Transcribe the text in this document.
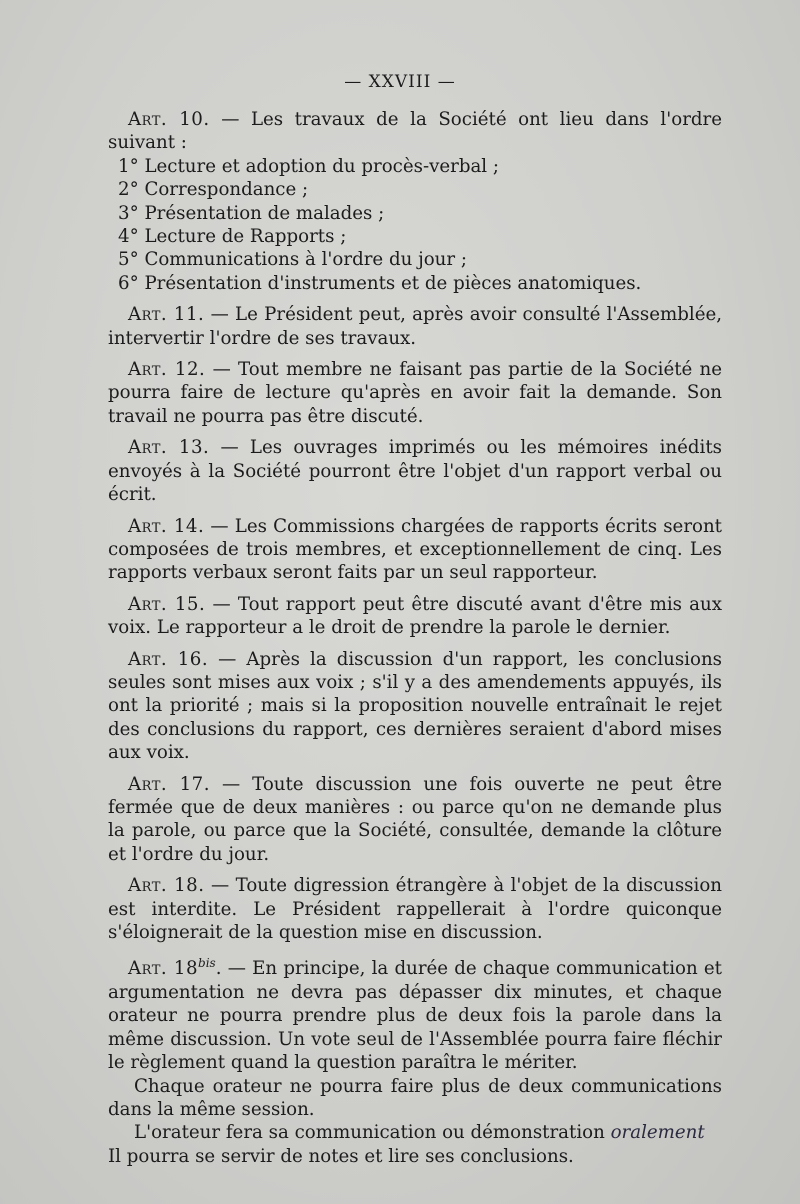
— XXVIII —

Art. 10. — Les travaux de la Société ont lieu dans l'ordre suivant :

1° Lecture et adoption du procès-verbal ;
2° Correspondance ;
3° Présentation de malades ;
4° Lecture de Rapports ;
5° Communications à l'ordre du jour ;
6° Présentation d'instruments et de pièces anatomiques.

Art. 11. — Le Président peut, après avoir consulté l'Assemblée, intervertir l'ordre de ses travaux.

Art. 12. — Tout membre ne faisant pas partie de la Société ne pourra faire de lecture qu'après en avoir fait la demande. Son travail ne pourra pas être discuté.

Art. 13. — Les ouvrages imprimés ou les mémoires inédits envoyés à la Société pourront être l'objet d'un rapport verbal ou écrit.

Art. 14. — Les Commissions chargées de rapports écrits seront composées de trois membres, et exceptionnellement de cinq. Les rapports verbaux seront faits par un seul rapporteur.

Art. 15. — Tout rapport peut être discuté avant d'être mis aux voix. Le rapporteur a le droit de prendre la parole le dernier.

Art. 16. — Après la discussion d'un rapport, les conclusions seules sont mises aux voix ; s'il y a des amendements appuyés, ils ont la priorité ; mais si la proposition nouvelle entraînait le rejet des conclusions du rapport, ces dernières seraient d'abord mises aux voix.

Art. 17. — Toute discussion une fois ouverte ne peut être fermée que de deux manières : ou parce qu'on ne demande plus la parole, ou parce que la Société, consultée, demande la clôture et l'ordre du jour.

Art. 18. — Toute digression étrangère à l'objet de la discussion est interdite. Le Président rappellerait à l'ordre quiconque s'éloignerait de la question mise en discussion.

Art. $18^{bis}$. — En principe, la durée de chaque communication et argumentation ne devra pas dépasser dix minutes, et chaque orateur ne pourra prendre plus de deux fois la parole dans la même discussion. Un vote seul de l'Assemblée pourra faire fléchir le règlement quand la question paraîtra le mériter.

Chaque orateur ne pourra faire plus de deux communications dans la même session.

L'orateur fera sa communication ou démonstration oralement

Il pourra se servir de notes et lire ses conclusions.
